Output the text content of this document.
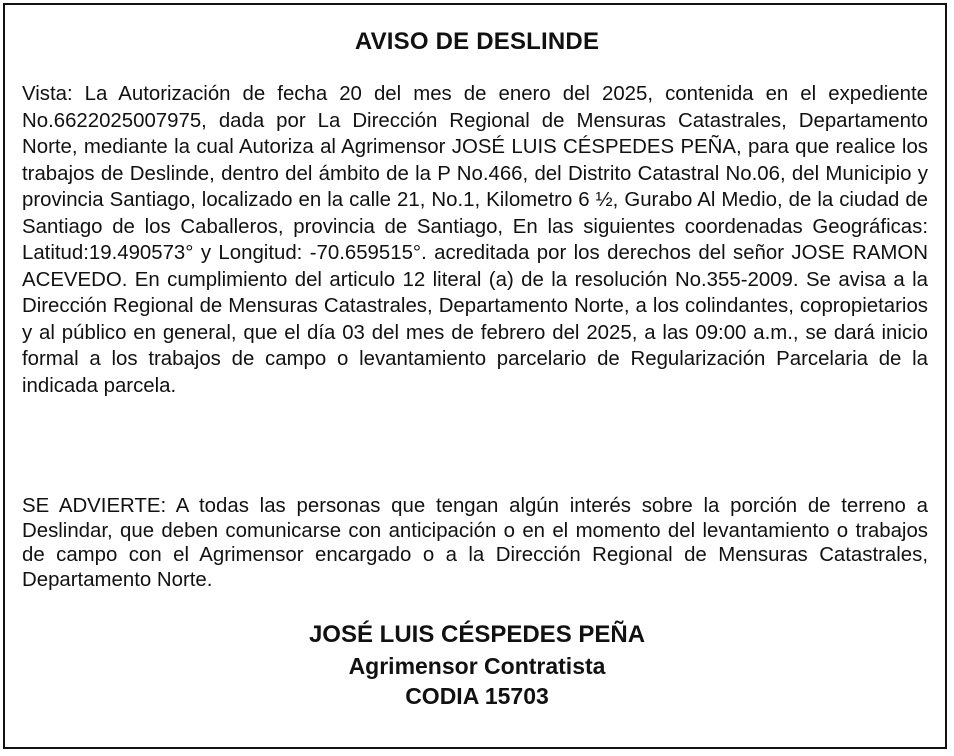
AVISO DE DESLINDE

Vista: La Autorización de fecha 20 del mes de enero del 2025, contenida en el expediente No.6622025007975, dada por La Dirección Regional de Mensuras Catastrales, Departamento Norte, mediante la cual Autoriza al Agrimensor JOSÉ LUIS CÉSPEDES PEÑA, para que realice los trabajos de Deslinde, dentro del ámbito de la P No.466, del Distrito Catastral No.06, del Municipio y provincia Santiago, localizado en la calle 21, No.1, Kilometro 6 ½, Gurabo Al Medio, de la ciudad de Santiago de los Caballeros, provincia de Santiago, En las siguientes coordenadas Geográficas: Latitud:19.490573° y Longitud: -70.659515°. acreditada por los derechos del señor JOSE RAMON ACEVEDO. En cumplimiento del articulo 12 literal (a) de la resolución No.355-2009. Se avisa a la Dirección Regional de Mensuras Catastrales, Departamento Norte, a los colindantes, copropietarios y al público en general, que el día 03 del mes de febrero del 2025, a las 09:00 a.m., se dará inicio formal a los trabajos de campo o levantamiento parcelario de Regularización Parcelaria de la indicada parcela.

SE ADVIERTE: A todas las personas que tengan algún interés sobre la porción de terreno a Deslindar, que deben comunicarse con anticipación o en el momento del levantamiento o trabajos de campo con el Agrimensor encargado o a la Dirección Regional de Mensuras Catastrales, Departamento Norte.

JOSÉ LUIS CÉSPEDES PEÑA
Agrimensor Contratista
CODIA 15703
